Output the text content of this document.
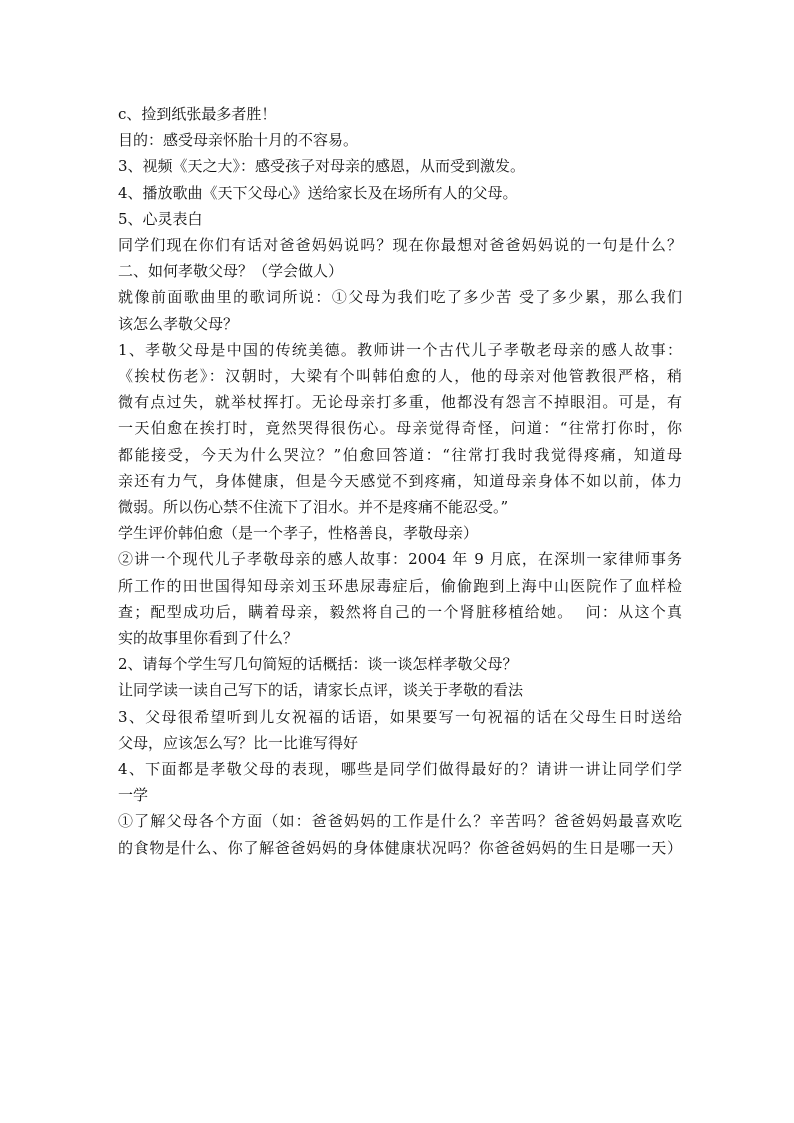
c、捡到纸张最多者胜！
目的：感受母亲怀胎十月的不容易。
3、视频《天之大》：感受孩子对母亲的感恩，从而受到激发。
4、播放歌曲《天下父母心》送给家长及在场所有人的父母。
5、心灵表白
同学们现在你们有话对爸爸妈妈说吗？现在你最想对爸爸妈妈说的一句是什么？
二、如何孝敬父母？（学会做人）
就像前面歌曲里的歌词所说：①父母为我们吃了多少苦 受了多少累，那么我们
该怎么孝敬父母？
1、孝敬父母是中国的传统美德。教师讲一个古代儿子孝敬老母亲的感人故事：
《挨杖伤老》：汉朝时，大梁有个叫韩伯愈的人，他的母亲对他管教很严格，稍
微有点过失，就举杖挥打。无论母亲打多重，他都没有怨言不掉眼泪。可是，有
一天伯愈在挨打时，竟然哭得很伤心。母亲觉得奇怪，问道：“往常打你时，你
都能接受，今天为什么哭泣？”伯愈回答道：“往常打我时我觉得疼痛，知道母
亲还有力气，身体健康，但是今天感觉不到疼痛，知道母亲身体不如以前，体力
微弱。所以伤心禁不住流下了泪水。并不是疼痛不能忍受。”
学生评价韩伯愈（是一个孝子，性格善良，孝敬母亲）
②讲一个现代儿子孝敬母亲的感人故事：2004 年 9 月底，在深圳一家律师事务
所工作的田世国得知母亲刘玉环患尿毒症后，偷偷跑到上海中山医院作了血样检
查；配型成功后，瞒着母亲，毅然将自己的一个肾脏移植给她。  问：从这个真
实的故事里你看到了什么？
2、请每个学生写几句简短的话概括：谈一谈怎样孝敬父母？
让同学读一读自己写下的话，请家长点评，谈关于孝敬的看法
3、父母很希望听到儿女祝福的话语，如果要写一句祝福的话在父母生日时送给
父母，应该怎么写？比一比谁写得好
4、下面都是孝敬父母的表现，哪些是同学们做得最好的？请讲一讲让同学们学
一学
①了解父母各个方面（如：爸爸妈妈的工作是什么？辛苦吗？爸爸妈妈最喜欢吃
的食物是什么、你了解爸爸妈妈的身体健康状况吗？你爸爸妈妈的生日是哪一天）
